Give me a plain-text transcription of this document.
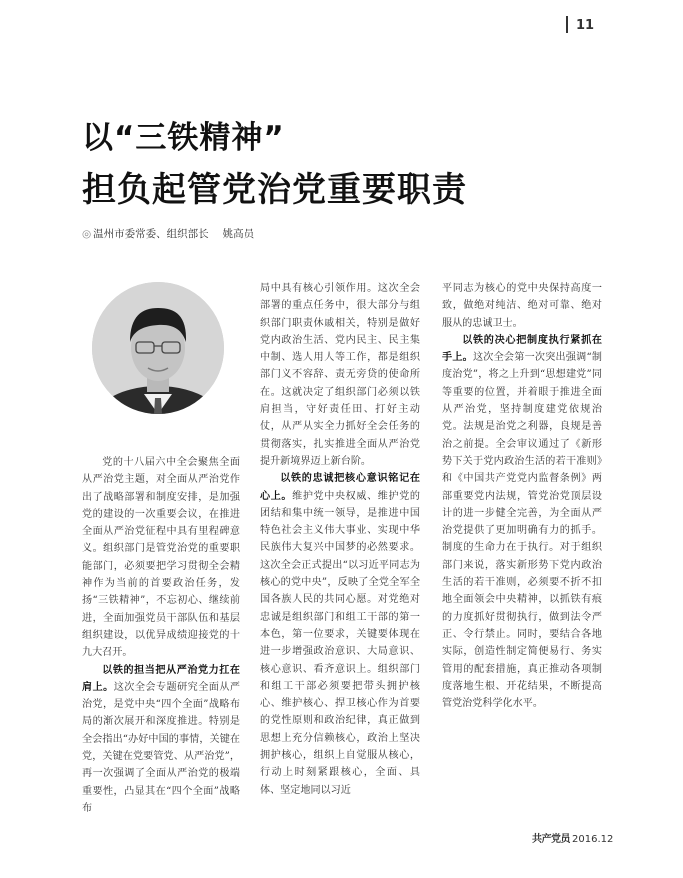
11
以“三铁精神”
担负起管党治党重要职责
◎ 温州市委常委、组织部长 姚高员

党的十八届六中全会聚焦全面从严治党主题，对全面从严治党作出了战略部署和制度安排，是加强党的建设的一次重要会议，在推进全面从严治党征程中具有里程碑意义。组织部门是管党治党的重要职能部门，必须要把学习贯彻全会精神作为当前的首要政治任务，发扬“三铁精神”，不忘初心、继续前进，全面加强党员干部队伍和基层组织建设，以优异成绩迎接党的十九大召开。

以铁的担当把从严治党力扛在肩上。这次全会专题研究全面从严治党，是党中央“四个全面”战略布局的渐次展开和深度推进。特别是全会指出“办好中国的事情，关键在党，关键在党要管党、从严治党”，再一次强调了全面从严治党的极端重要性，凸显其在“四个全面”战略布

局中具有核心引领作用。这次全会部署的重点任务中，很大部分与组织部门职责休戚相关，特别是做好党内政治生活、党内民主、民主集中制、选人用人等工作，都是组织部门义不容辞、责无旁贷的使命所在。这就决定了组织部门必须以铁肩担当，守好责任田、打好主动仗，从严从实全力抓好全会任务的贯彻落实，扎实推进全面从严治党提升新境界迈上新台阶。

以铁的忠诚把核心意识铭记在心上。维护党中央权威、维护党的团结和集中统一领导，是推进中国特色社会主义伟大事业、实现中华民族伟大复兴中国梦的必然要求。这次全会正式提出“以习近平同志为核心的党中央”，反映了全党全军全国各族人民的共同心愿。对党绝对忠诚是组织部门和组工干部的第一本色，第一位要求，关键要体现在进一步增强政治意识、大局意识、核心意识、看齐意识上。组织部门和组工干部必须要把带头拥护核心、维护核心、捍卫核心作为首要的党性原则和政治纪律，真正做到思想上充分信赖核心，政治上坚决拥护核心，组织上自觉服从核心，行动上时刻紧跟核心，全面、具体、坚定地同以习近

平同志为核心的党中央保持高度一致，做绝对纯洁、绝对可靠、绝对服从的忠诚卫士。

以铁的决心把制度执行紧抓在手上。这次全会第一次突出强调“制度治党”，将之上升到“思想建党”同等重要的位置，并着眼于推进全面从严治党，坚持制度建党依规治党。法规是治党之利器，良规是善治之前提。全会审议通过了《新形势下关于党内政治生活的若干准则》和《中国共产党党内监督条例》两部重要党内法规，管党治党顶层设计的进一步健全完善，为全面从严治党提供了更加明确有力的抓手。制度的生命力在于执行。对于组织部门来说，落实新形势下党内政治生活的若干准则，必须要不折不扣地全面领会中央精神，以抓铁有痕的力度抓好贯彻执行，做到法令严正、令行禁止。同时，要结合各地实际，创造性制定简便易行、务实管用的配套措施，真正推动各项制度落地生根、开花结果，不断提高管党治党科学化水平。

共产党员 2016.12
